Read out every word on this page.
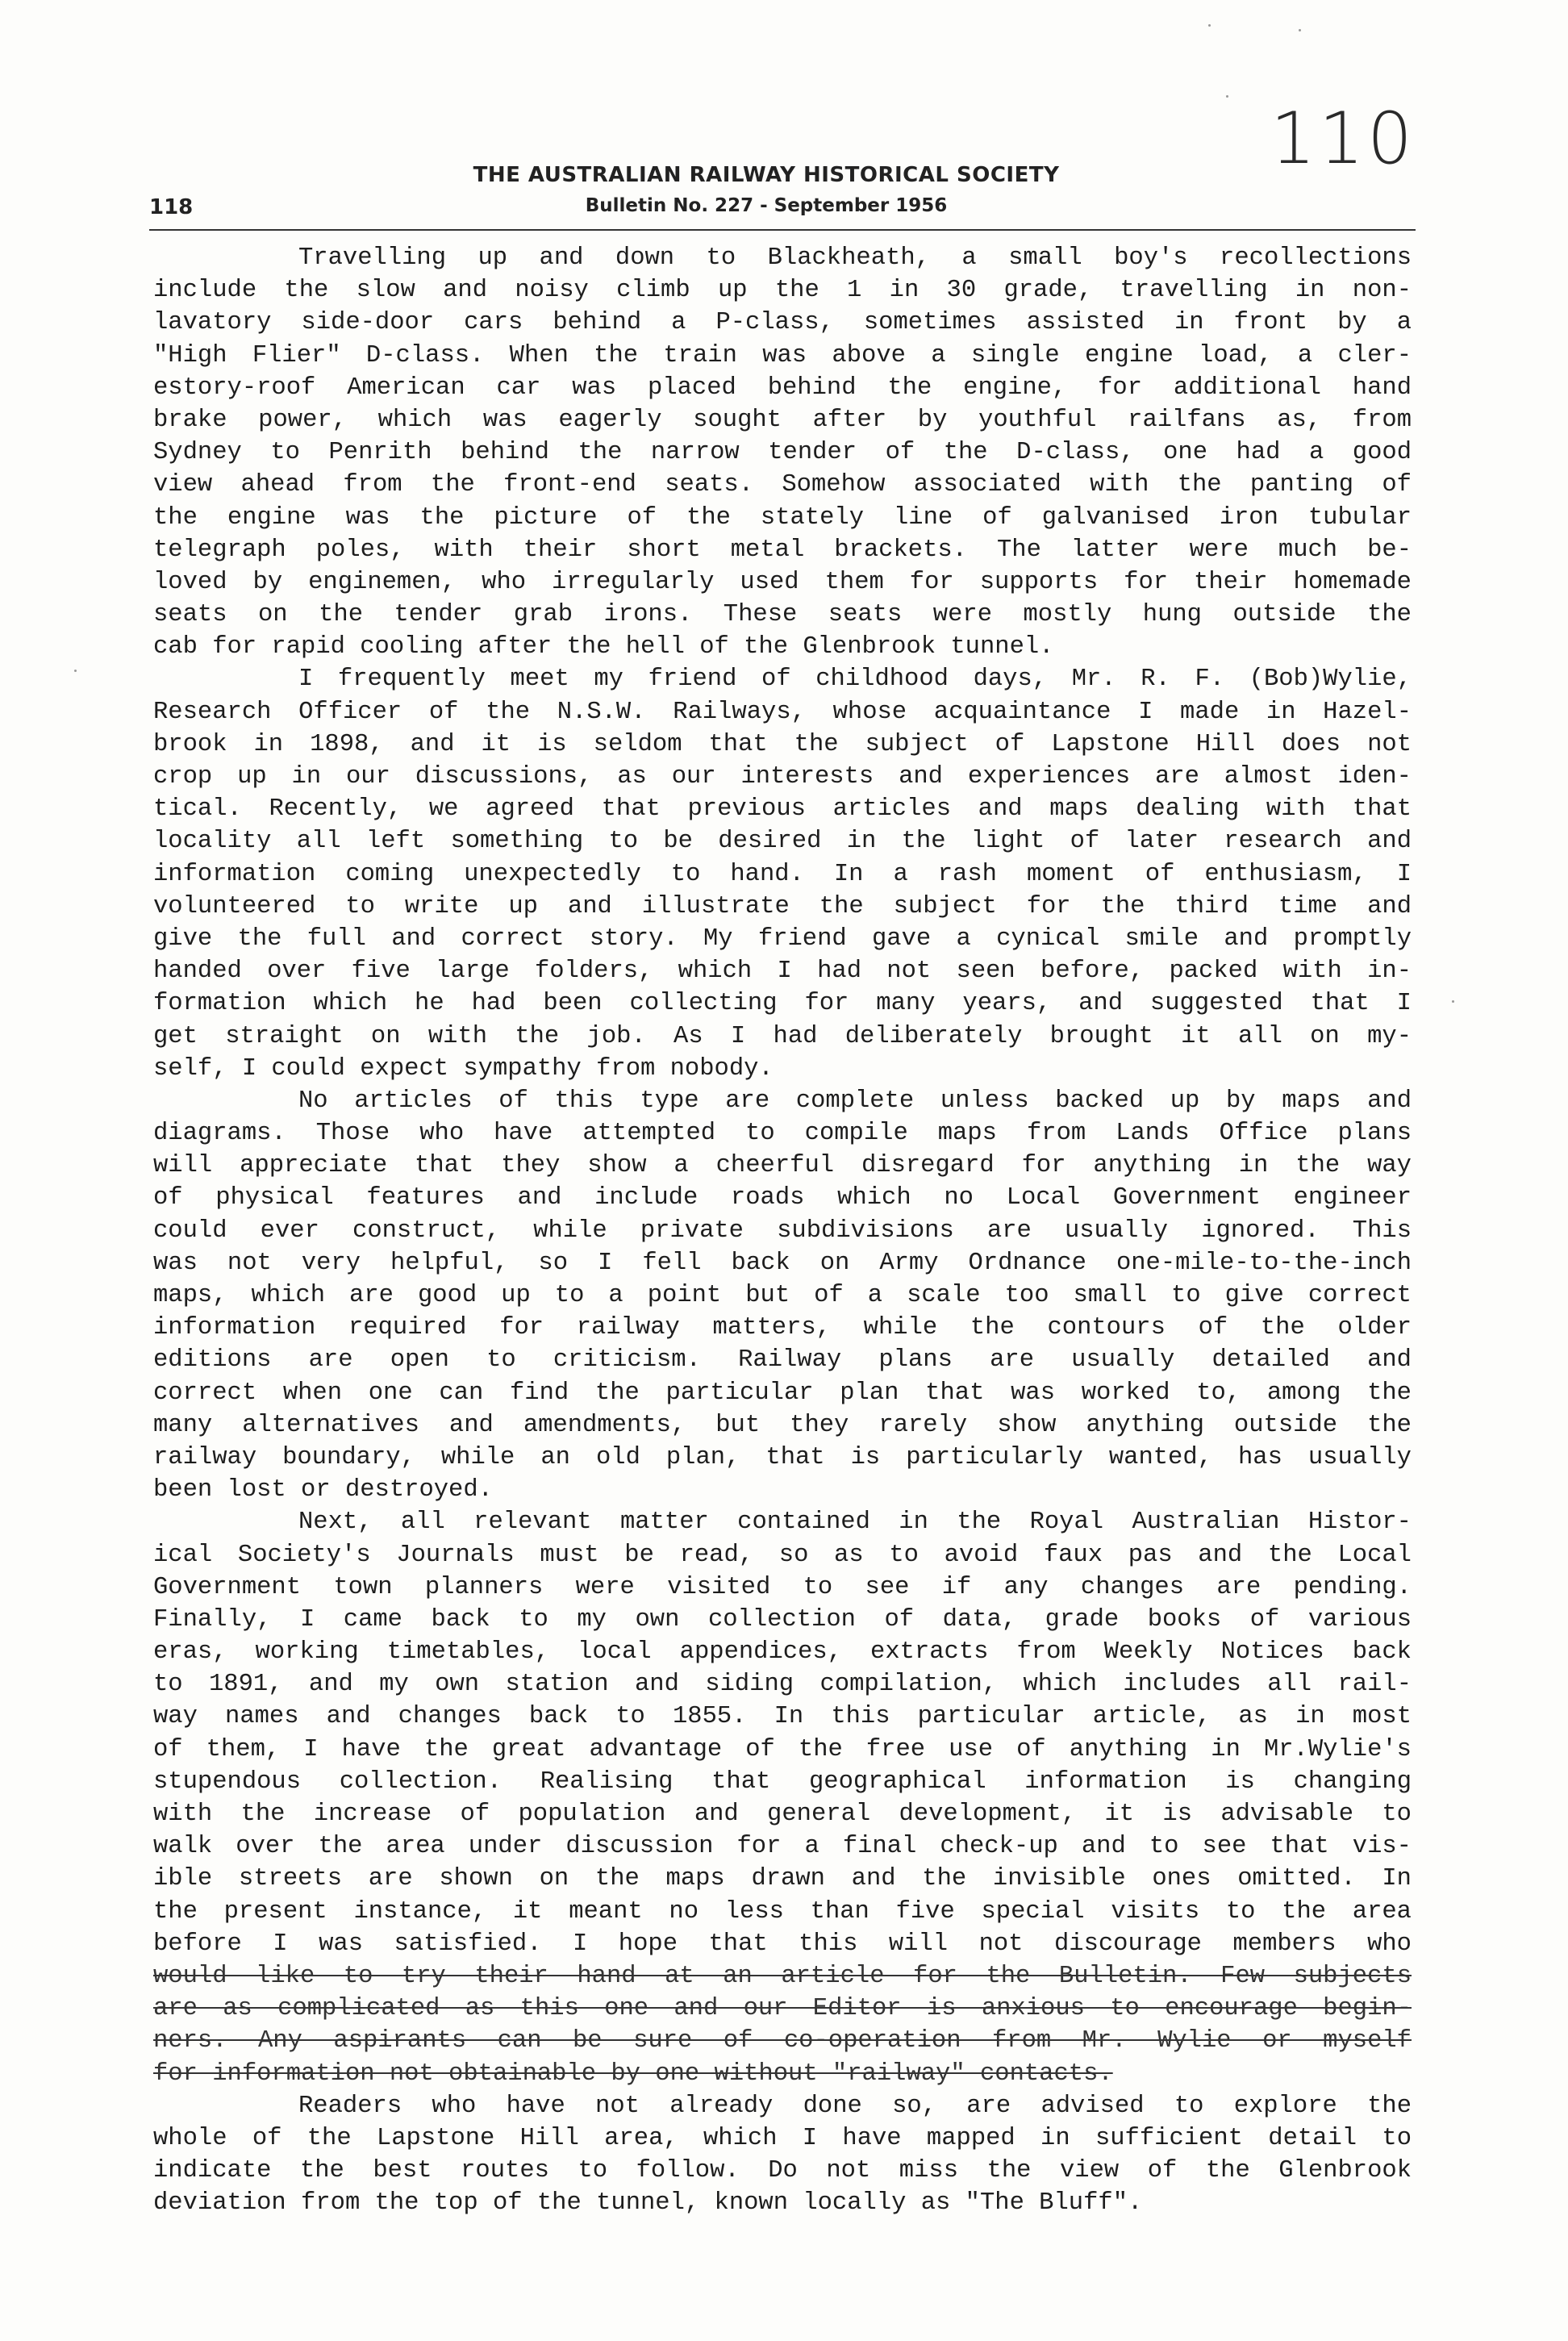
110
118
THE AUSTRALIAN RAILWAY HISTORICAL SOCIETY
Bulletin No. 227 - September 1956
Travelling up and down to Blackheath, a small boy's recollections
include the slow and noisy climb up the 1 in 30 grade, travelling in non-
lavatory side-door cars behind a P-class, sometimes assisted in front by a
"High Flier" D-class. When the train was above a single engine load, a cler-
estory-roof American car was placed behind the engine, for additional hand
brake power, which was eagerly sought after by youthful railfans as, from
Sydney to Penrith behind the narrow tender of the D-class, one had a good
view ahead from the front-end seats. Somehow associated with the panting of
the engine was the picture of the stately line of galvanised iron tubular
telegraph poles, with their short metal brackets. The latter were much be-
loved by enginemen, who irregularly used them for supports for their homemade
seats on the tender grab irons. These seats were mostly hung outside the
cab for rapid cooling after the hell of the Glenbrook tunnel.
I frequently meet my friend of childhood days, Mr. R. F. (Bob)Wylie,
Research Officer of the N.S.W. Railways, whose acquaintance I made in Hazel-
brook in 1898, and it is seldom that the subject of Lapstone Hill does not
crop up in our discussions, as our interests and experiences are almost iden-
tical. Recently, we agreed that previous articles and maps dealing with that
locality all left something to be desired in the light of later research and
information coming unexpectedly to hand. In a rash moment of enthusiasm, I
volunteered to write up and illustrate the subject for the third time and
give the full and correct story. My friend gave a cynical smile and promptly
handed over five large folders, which I had not seen before, packed with in-
formation which he had been collecting for many years, and suggested that I
get straight on with the job. As I had deliberately brought it all on my-
self, I could expect sympathy from nobody.
No articles of this type are complete unless backed up by maps and
diagrams. Those who have attempted to compile maps from Lands Office plans
will appreciate that they show a cheerful disregard for anything in the way
of physical features and include roads which no Local Government engineer
could ever construct, while private subdivisions are usually ignored. This
was not very helpful, so I fell back on Army Ordnance one-mile-to-the-inch
maps, which are good up to a point but of a scale too small to give correct
information required for railway matters, while the contours of the older
editions are open to criticism. Railway plans are usually detailed and
correct when one can find the particular plan that was worked to, among the
many alternatives and amendments, but they rarely show anything outside the
railway boundary, while an old plan, that is particularly wanted, has usually
been lost or destroyed.
Next, all relevant matter contained in the Royal Australian Histor-
ical Society's Journals must be read, so as to avoid faux pas and the Local
Government town planners were visited to see if any changes are pending.
Finally, I came back to my own collection of data, grade books of various
eras, working timetables, local appendices, extracts from Weekly Notices back
to 1891, and my own station and siding compilation, which includes all rail-
way names and changes back to 1855. In this particular article, as in most
of them, I have the great advantage of the free use of anything in Mr.Wylie's
stupendous collection. Realising that geographical information is changing
with the increase of population and general development, it is advisable to
walk over the area under discussion for a final check-up and to see that vis-
ible streets are shown on the maps drawn and the invisible ones omitted. In
the present instance, it meant no less than five special visits to the area
before I was satisfied. I hope that this will not discourage members who
would like to try their hand at an article for the Bulletin. Few subjects
are as complicated as this one and our Editor is anxious to encourage begin-
ners. Any aspirants can be sure of co-operation from Mr. Wylie or myself
for information not obtainable by one without "railway" contacts.
Readers who have not already done so, are advised to explore the
whole of the Lapstone Hill area, which I have mapped in sufficient detail to
indicate the best routes to follow. Do not miss the view of the Glenbrook
deviation from the top of the tunnel, known locally as "The Bluff".
